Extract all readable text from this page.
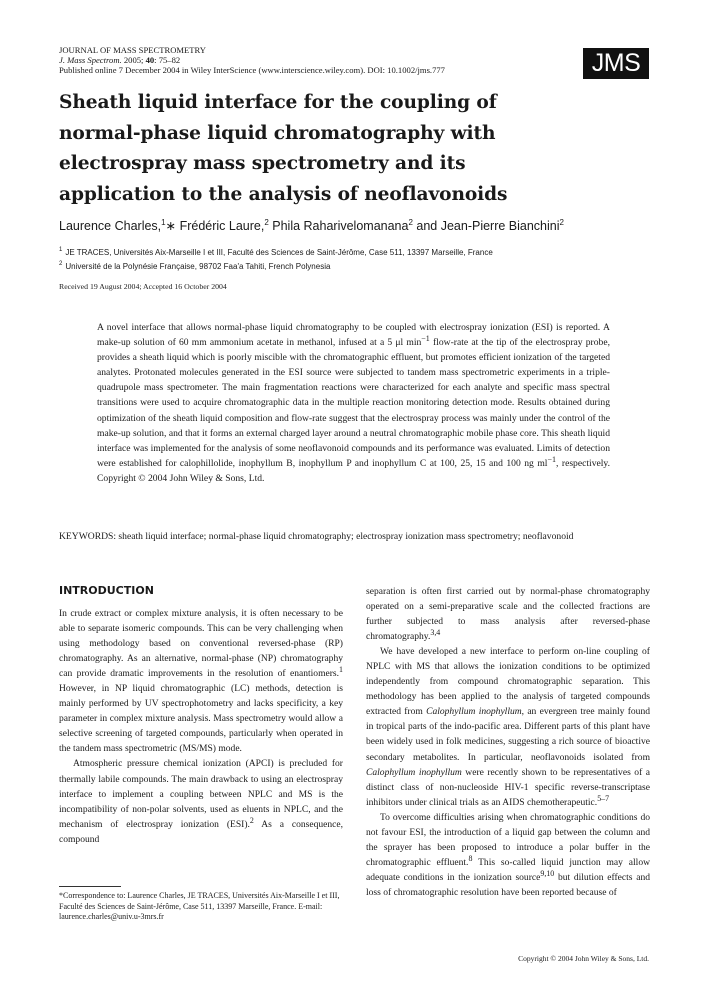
JOURNAL OF MASS SPECTROMETRY
J. Mass Spectrom. 2005; 40: 75–82
Published online 7 December 2004 in Wiley InterScience (www.interscience.wiley.com). DOI: 10.1002/jms.777	JMS
Sheath liquid interface for the coupling of
normal-phase liquid chromatography with
electrospray mass spectrometry and its
application to the analysis of neoflavonoids
Laurence Charles,$^1$∗ Frédéric Laure,$^2$ Phila Raharivelomanana$^2$ and Jean-Pierre Bianchini$^2$
$^1$ JE TRACES, Universités Aix-Marseille I et III, Faculté des Sciences de Saint-Jérôme, Case 511, 13397 Marseille, France
$^2$ Université de la Polynésie Française, 98702 Faa'a Tahiti, French Polynesia
Received 19 August 2004; Accepted 16 October 2004

A novel interface that allows normal-phase liquid chromatography to be coupled with electrospray ionization (ESI) is reported. A make-up solution of 60 mm ammonium acetate in methanol, infused at a 5 μl $\min^{-1}$ flow-rate at the tip of the electrospray probe, provides a sheath liquid which is poorly miscible with the chromatographic effluent, but promotes efficient ionization of the targeted analytes. Protonated molecules generated in the ESI source were subjected to tandem mass spectrometric experiments in a triple-quadrupole mass spectrometer. The main fragmentation reactions were characterized for each analyte and specific mass spectral transitions were used to acquire chromatographic data in the multiple reaction monitoring detection mode. Results obtained during optimization of the sheath liquid composition and flow-rate suggest that the electrospray process was mainly under the control of the make-up solution, and that it forms an external charged layer around a neutral chromatographic mobile phase core. This sheath liquid interface was implemented for the analysis of some neoflavonoid compounds and its performance was evaluated. Limits of detection were established for calophillolide, inophyllum B, inophyllum P and inophyllum C at 100, 25, 15 and 100 ng $ml^{-1}$, respectively. Copyright © 2004 John Wiley & Sons, Ltd.

KEYWORDS: sheath liquid interface; normal-phase liquid chromatography; electrospray ionization mass spectrometry; neoflavonoid
INTRODUCTION

In crude extract or complex mixture analysis, it is often necessary to be able to separate isomeric compounds. This can be very challenging when using methodology based on conventional reversed-phase (RP) chromatography. As an alternative, normal-phase (NP) chromatography can provide dramatic improvements in the resolution of enantiomers.$^1$ However, in NP liquid chromatographic (LC) methods, detection is mainly performed by UV spectrophotometry and lacks specificity, a key parameter in complex mixture analysis. Mass spectrometry would allow a selective screening of targeted compounds, particularly when operated in the tandem mass spectrometric (MS/MS) mode.

Atmospheric pressure chemical ionization (APCI) is precluded for thermally labile compounds. The main drawback to using an electrospray interface to implement a coupling between NPLC and MS is the incompatibility of non-polar solvents, used as eluents in NPLC, and the mechanism of electrospray ionization (ESI).$^2$ As a consequence, compound

separation is often first carried out by normal-phase chromatography operated on a semi-preparative scale and the collected fractions are further subjected to mass analysis after reversed-phase chromatography.$^{3,4}$

We have developed a new interface to perform on-line coupling of NPLC with MS that allows the ionization conditions to be optimized independently from compound chromatographic separation. This methodology has been applied to the analysis of targeted compounds extracted from Calophyllum inophyllum, an evergreen tree mainly found in tropical parts of the indo-pacific area. Different parts of this plant have been widely used in folk medicines, suggesting a rich source of bioactive secondary metabolites. In particular, neoflavonoids isolated from Calophyllum inophyllum were recently shown to be representatives of a distinct class of non-nucleoside HIV-1 specific reverse-transcriptase inhibitors under clinical trials as an AIDS chemotherapeutic.$^{5-7}$

To overcome difficulties arising when chromatographic conditions do not favour ESI, the introduction of a liquid gap between the column and the sprayer has been proposed to introduce a polar buffer in the chromatographic effluent.$^8$ This so-called liquid junction may allow adequate conditions in the ionization source$^{9,10}$ but dilution effects and loss of chromatographic resolution have been reported because of

*Correspondence to: Laurence Charles, JE TRACES, Universités Aix-Marseille I et III, Faculté des Sciences de Saint-Jérôme, Case 511, 13397 Marseille, France. E-mail: laurence.charles@univ.u-3mrs.fr
Copyright © 2004 John Wiley & Sons, Ltd.
